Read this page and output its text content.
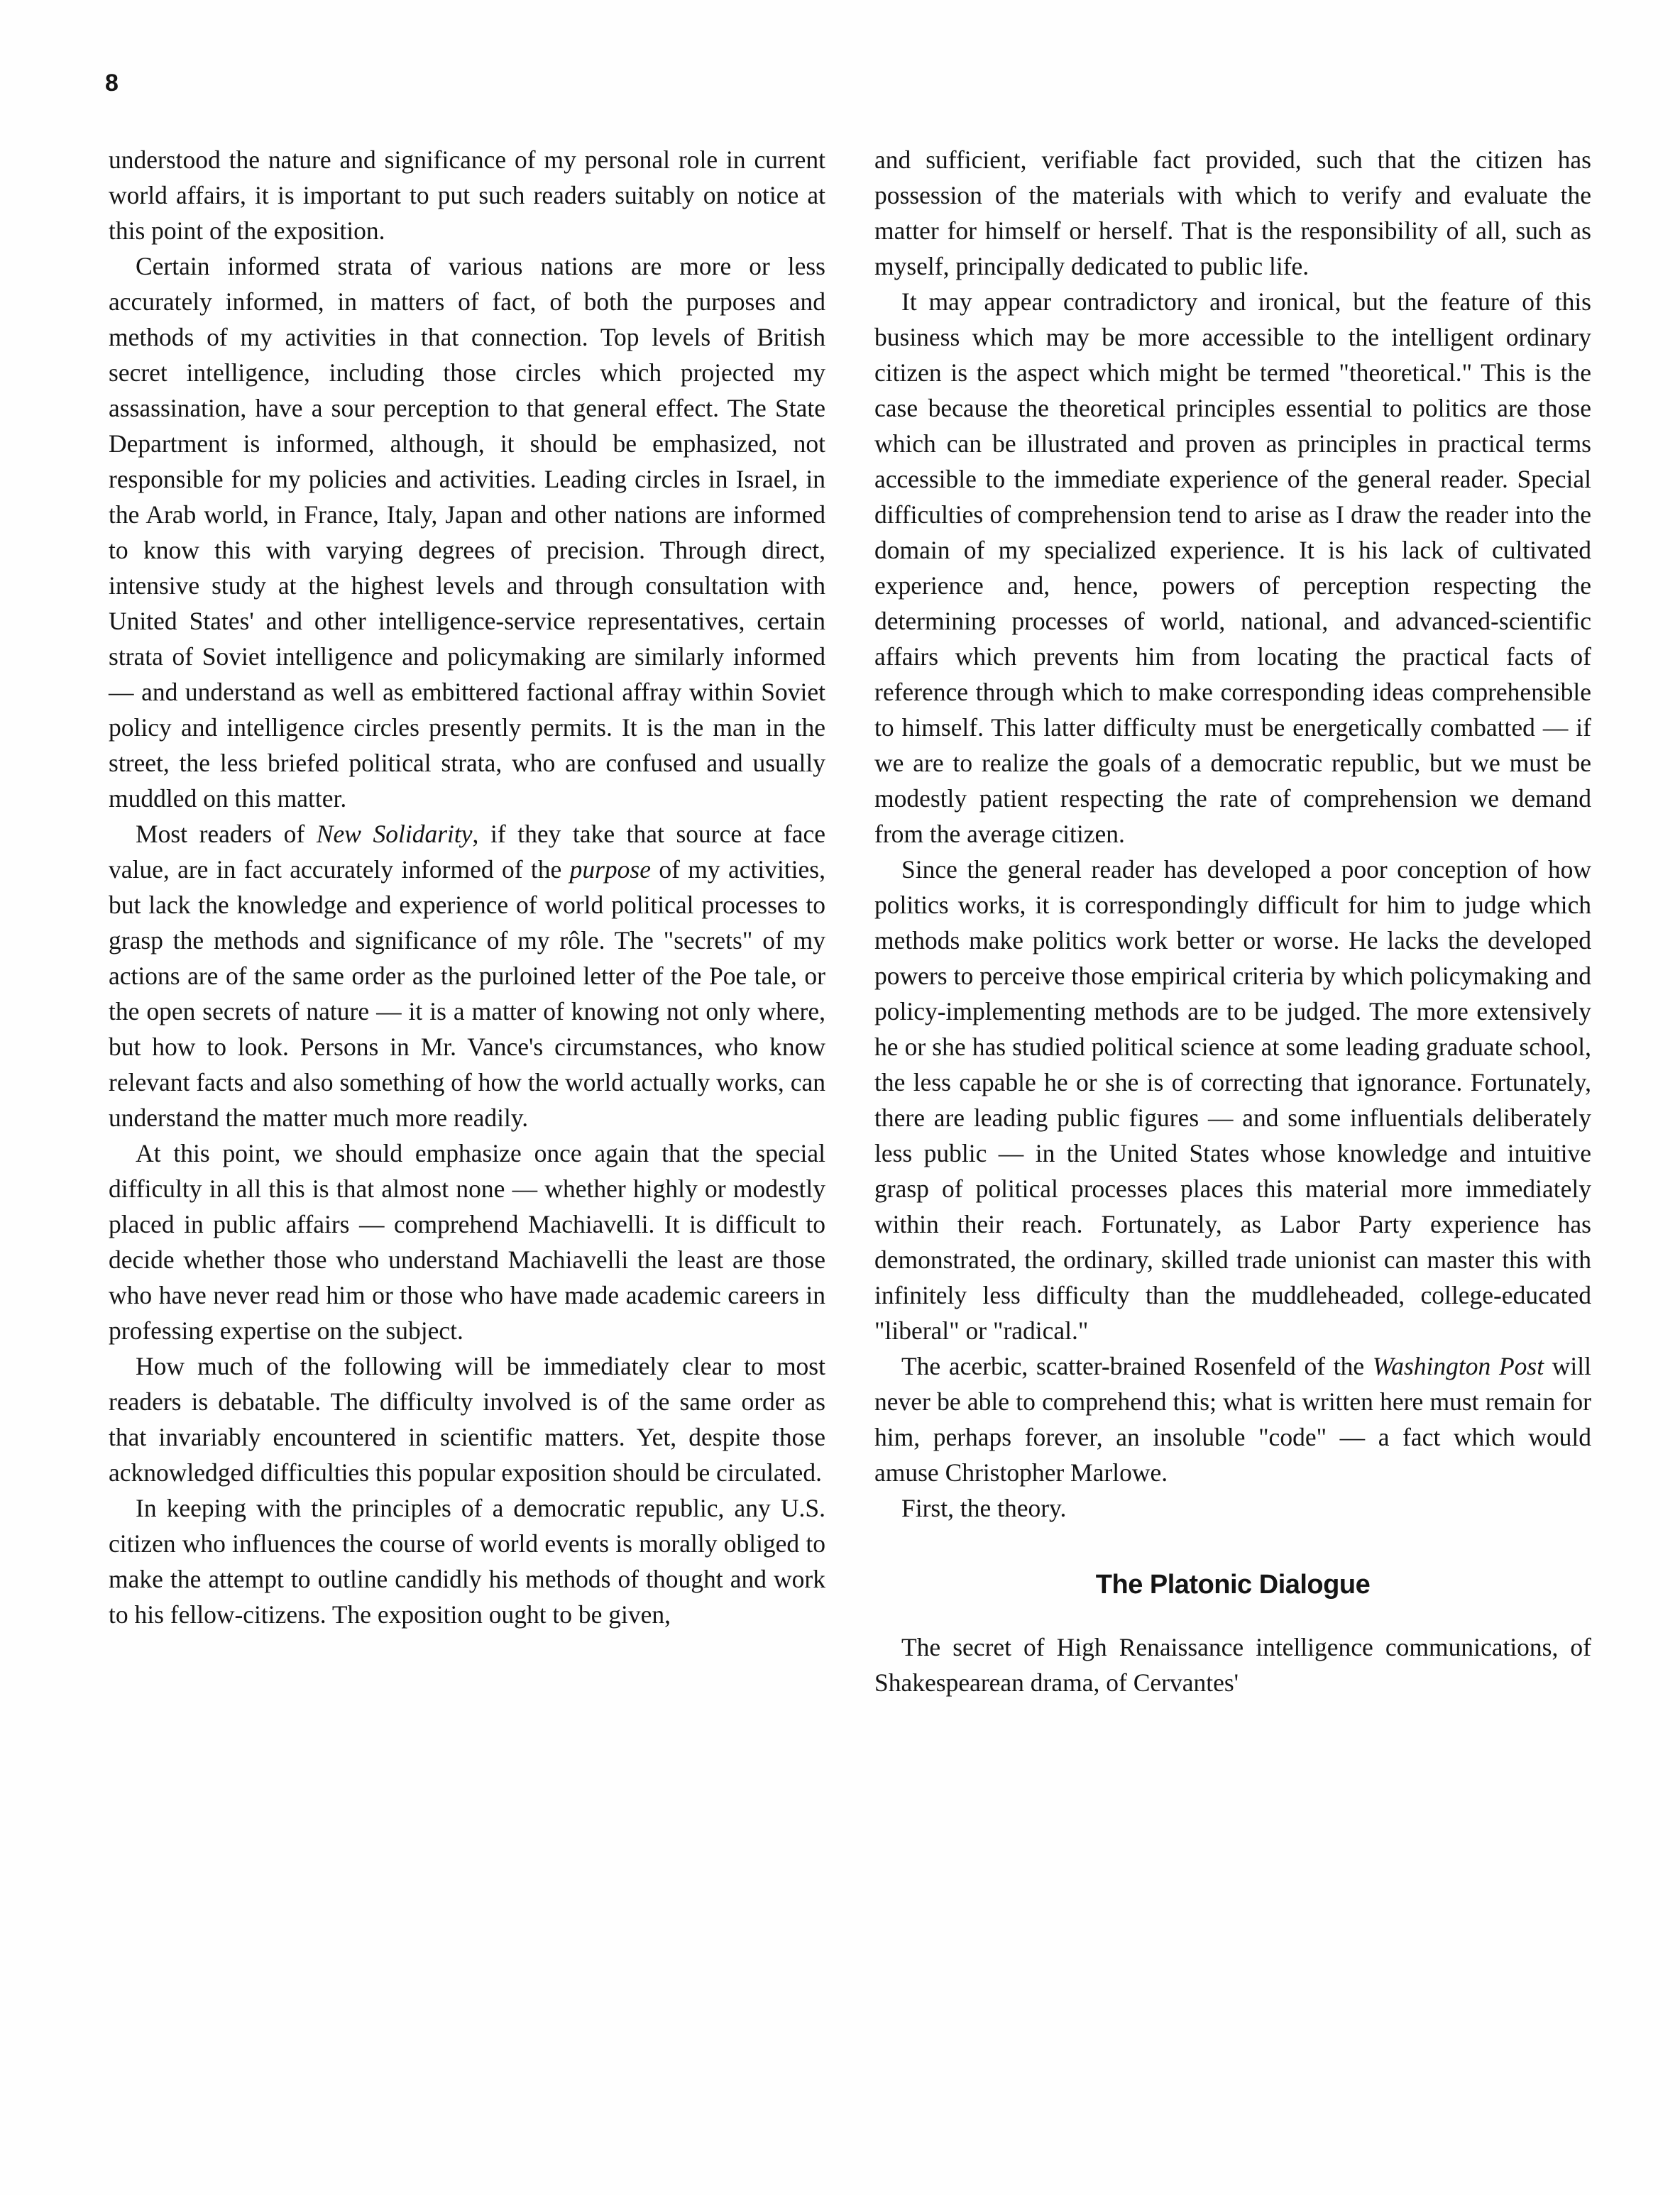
8

understood the nature and significance of my personal role in current world affairs, it is important to put such readers suitably on notice at this point of the exposition.

Certain informed strata of various nations are more or less accurately informed, in matters of fact, of both the purposes and methods of my activities in that connection. Top levels of British secret intelligence, including those circles which projected my assassination, have a sour perception to that general effect. The State Department is informed, although, it should be emphasized, not responsible for my policies and activities. Leading circles in Israel, in the Arab world, in France, Italy, Japan and other nations are informed to know this with varying degrees of precision. Through direct, intensive study at the highest levels and through consultation with United States' and other intelligence-service representatives, certain strata of Soviet intelligence and policymaking are similarly informed — and understand as well as embittered factional affray within Soviet policy and intelligence circles presently permits. It is the man in the street, the less briefed political strata, who are confused and usually muddled on this matter.

Most readers of New Solidarity, if they take that source at face value, are in fact accurately informed of the purpose of my activities, but lack the knowledge and experience of world political processes to grasp the methods and significance of my rôle. The "secrets" of my actions are of the same order as the purloined letter of the Poe tale, or the open secrets of nature — it is a matter of knowing not only where, but how to look. Persons in Mr. Vance's circumstances, who know relevant facts and also something of how the world actually works, can understand the matter much more readily.

At this point, we should emphasize once again that the special difficulty in all this is that almost none — whether highly or modestly placed in public affairs — comprehend Machiavelli. It is difficult to decide whether those who understand Machiavelli the least are those who have never read him or those who have made academic careers in professing expertise on the subject.

How much of the following will be immediately clear to most readers is debatable. The difficulty involved is of the same order as that invariably encountered in scientific matters. Yet, despite those acknowledged difficulties this popular exposition should be circulated.

In keeping with the principles of a democratic republic, any U.S. citizen who influences the course of world events is morally obliged to make the attempt to outline candidly his methods of thought and work to his fellow-citizens. The exposition ought to be given,

and sufficient, verifiable fact provided, such that the citizen has possession of the materials with which to verify and evaluate the matter for himself or herself. That is the responsibility of all, such as myself, principally dedicated to public life.

It may appear contradictory and ironical, but the feature of this business which may be more accessible to the intelligent ordinary citizen is the aspect which might be termed "theoretical." This is the case because the theoretical principles essential to politics are those which can be illustrated and proven as principles in practical terms accessible to the immediate experience of the general reader. Special difficulties of comprehension tend to arise as I draw the reader into the domain of my specialized experience. It is his lack of cultivated experience and, hence, powers of perception respecting the determining processes of world, national, and advanced-scientific affairs which prevents him from locating the practical facts of reference through which to make corresponding ideas comprehensible to himself. This latter difficulty must be energetically combatted — if we are to realize the goals of a democratic republic, but we must be modestly patient respecting the rate of comprehension we demand from the average citizen.

Since the general reader has developed a poor conception of how politics works, it is correspondingly difficult for him to judge which methods make politics work better or worse. He lacks the developed powers to perceive those empirical criteria by which policymaking and policy-implementing methods are to be judged. The more extensively he or she has studied political science at some leading graduate school, the less capable he or she is of correcting that ignorance. Fortunately, there are leading public figures — and some influentials deliberately less public — in the United States whose knowledge and intuitive grasp of political processes places this material more immediately within their reach. Fortunately, as Labor Party experience has demonstrated, the ordinary, skilled trade unionist can master this with infinitely less difficulty than the muddleheaded, college-educated "liberal" or "radical."

The acerbic, scatter-brained Rosenfeld of the Washington Post will never be able to comprehend this; what is written here must remain for him, perhaps forever, an insoluble "code" — a fact which would amuse Christopher Marlowe.

First, the theory.

The Platonic Dialogue

The secret of High Renaissance intelligence communications, of Shakespearean drama, of Cervantes'
